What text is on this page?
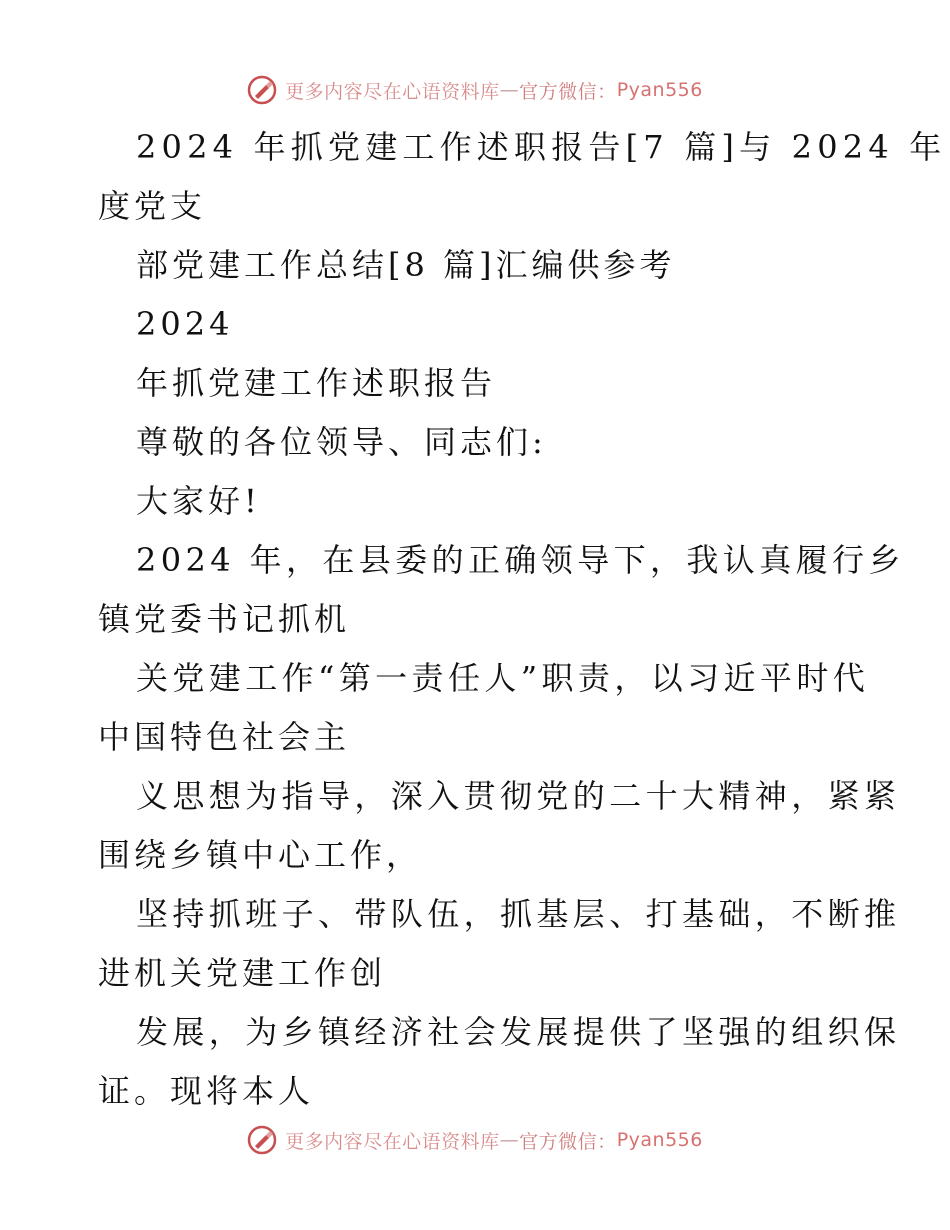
更多内容尽在心语资料库 — 官方微信： Pyan556
2024 年抓党建工作述职报告[7 篇]与 2024 年
度党支
部党建工作总结[8 篇]汇编供参考
2024
年抓党建工作述职报告
尊敬的各位领导、同志们:
大家好!
2024 年，在县委的正确领导下，我认真履行乡
镇党委书记抓机
关党建工作“第一责任人”职责，以习近平时代
中国特色社会主
义思想为指导，深入贯彻党的二十大精神，紧紧
围绕乡镇中心工作，
坚持抓班子、带队伍，抓基层、打基础，不断推
进机关党建工作创
发展，为乡镇经济社会发展提供了坚强的组织保
证。现将本人
更多内容尽在心语资料库 — 官方微信： Pyan556
